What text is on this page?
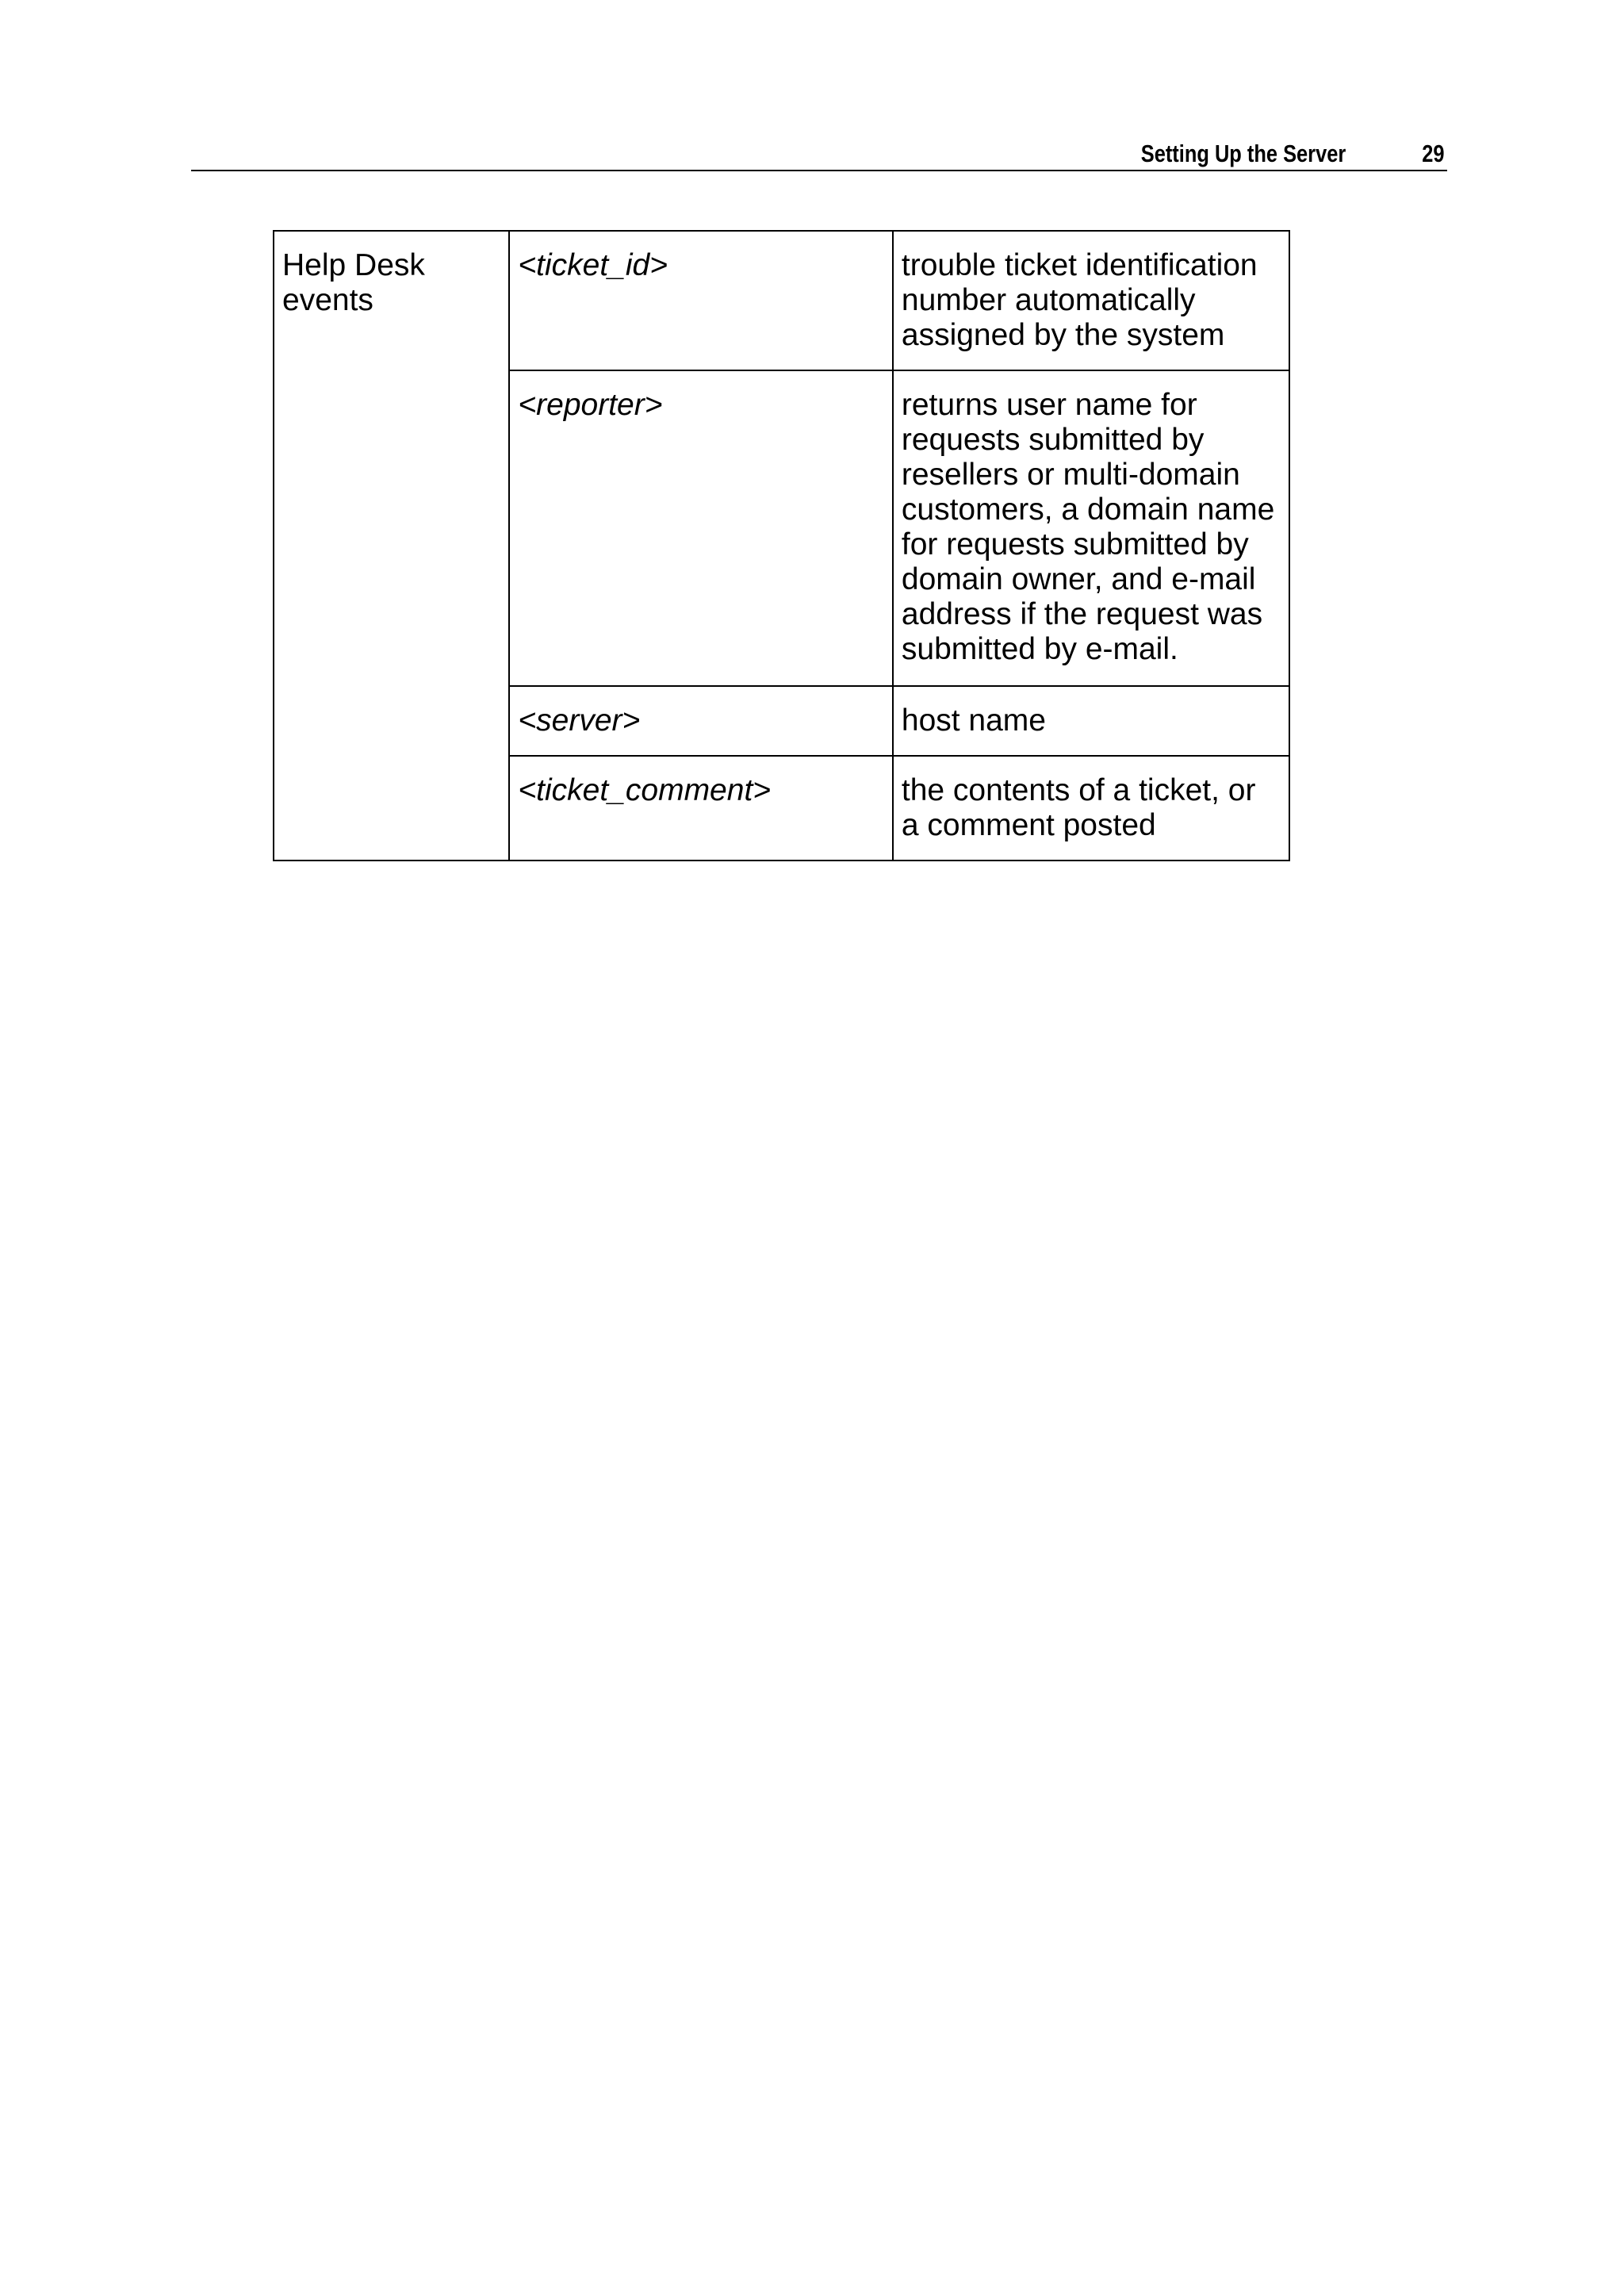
Setting Up the Server	29
Help Desk events	<ticket_id>	trouble ticket identification number automatically assigned by the system
	<reporter>	returns user name for requests submitted by resellers or multi-domain customers, a domain name for requests submitted by domain owner, and e-mail address if the request was submitted by e-mail.
	<server>	host name
	<ticket_comment>	the contents of a ticket, or a comment posted
